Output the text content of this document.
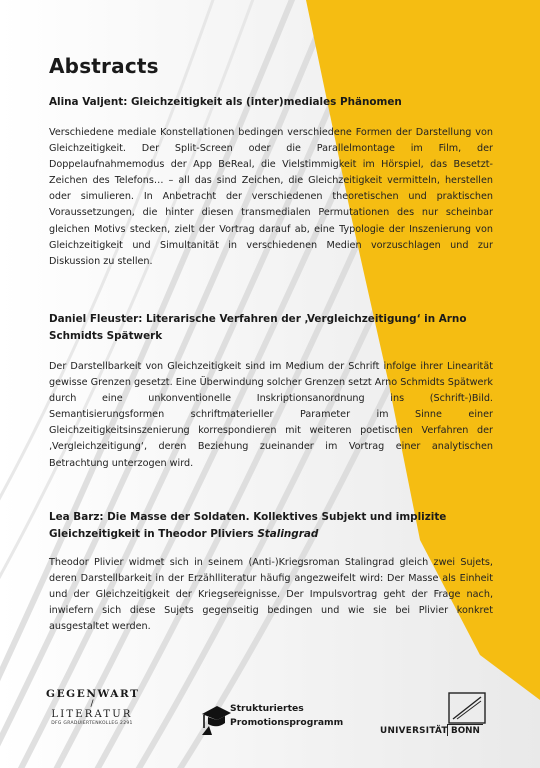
Abstracts
Alina Valjent: Gleichzeitigkeit als (inter)mediales Phänomen

Verschiedene mediale Konstellationen bedingen verschiedene Formen der Darstellung von Gleichzeitigkeit. Der Split-Screen oder die Parallelmontage im Film, der Doppelaufnahmemodus der App BeReal, die Vielstimmigkeit im Hörspiel, das Besetzt-Zeichen des Telefons… – all das sind Zeichen, die Gleichzeitigkeit vermitteln, herstellen oder simulieren. In Anbetracht der verschiedenen theoretischen und praktischen Voraussetzungen, die hinter diesen transmedialen Permutationen des nur scheinbar gleichen Motivs stecken, zielt der Vortrag darauf ab, eine Typologie der Inszenierung von Gleichzeitigkeit und Simultanität in verschiedenen Medien vorzuschlagen und zur Diskussion zu stellen.

Daniel Fleuster: Literarische Verfahren der ‚Vergleichzeitigung‘ in Arno Schmidts Spätwerk

Der Darstellbarkeit von Gleichzeitigkeit sind im Medium der Schrift infolge ihrer Linearität gewisse Grenzen gesetzt. Eine Überwindung solcher Grenzen setzt Arno Schmidts Spätwerk durch eine unkonventionelle Inskriptionsanordnung ins (Schrift-)Bild. Semantisierungsformen schriftmaterieller Parameter im Sinne einer Gleichzeitigkeitsinszenierung korrespondieren mit weiteren poetischen Verfahren der ‚Vergleichzeitigung‘, deren Beziehung zueinander im Vortrag einer analytischen Betrachtung unterzogen wird.

Lea Barz: Die Masse der Soldaten. Kollektives Subjekt und implizite Gleichzeitigkeit in Theodor Pliviers Stalingrad

Theodor Plivier widmet sich in seinem (Anti-)Kriegsroman Stalingrad gleich zwei Sujets, deren Darstellbarkeit in der Erzählliteratur häufig angezweifelt wird: Der Masse als Einheit und der Gleichzeitigkeit der Kriegsereignisse. Der Impulsvortrag geht der Frage nach, inwiefern sich diese Sujets gegenseitig bedingen und wie sie bei Plivier konkret ausgestaltet werden.

GEGENWART
/
LITERATUR
DFG GRADUIERTENKOLLEG 2291
Strukturiertes
Promotionsprogramm
UNIVERSITÄT BONN
